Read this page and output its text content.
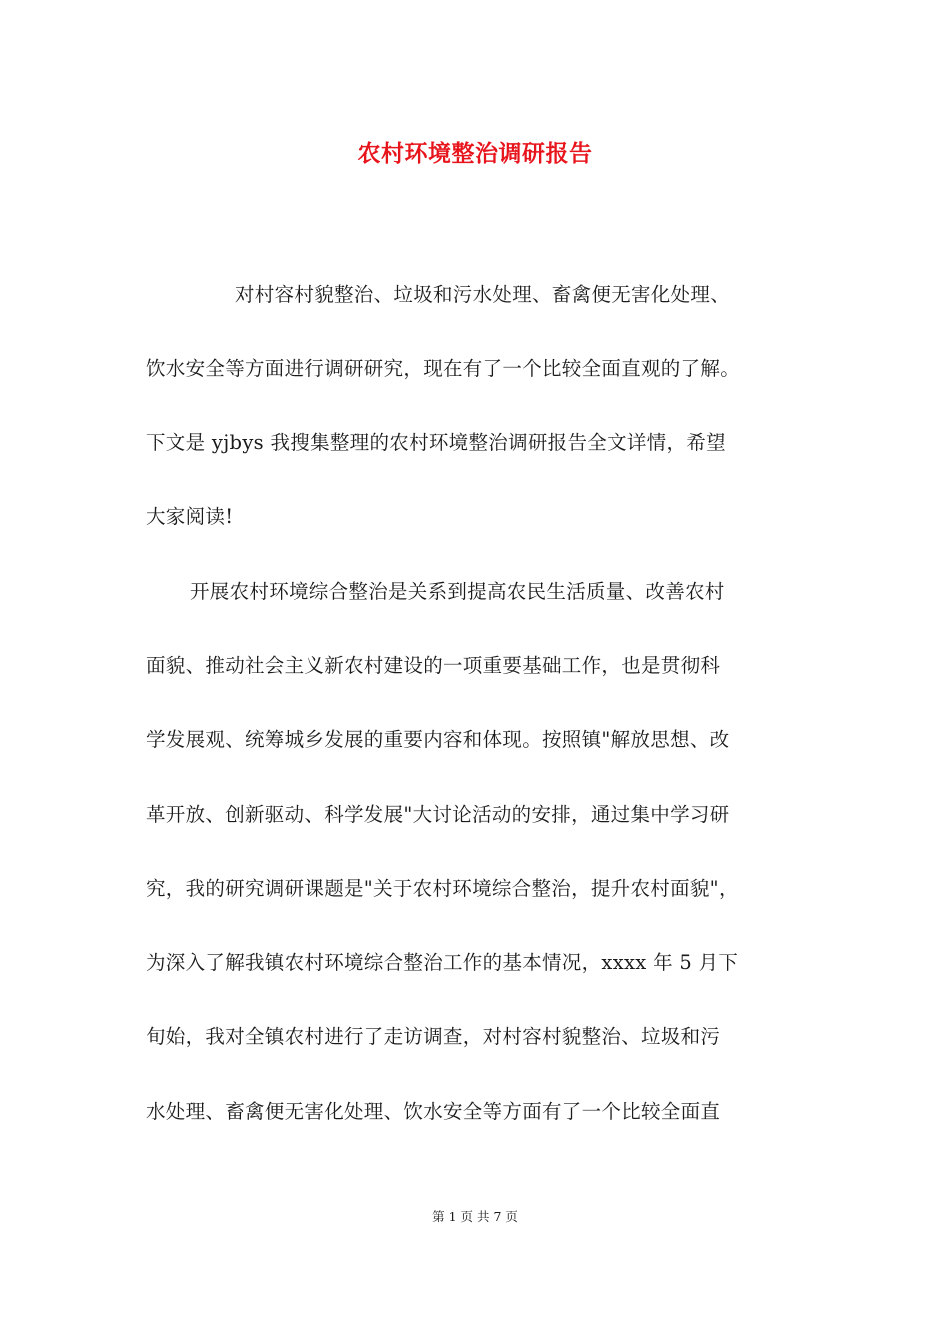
农村环境整治调研报告
对村容村貌整治、垃圾和污水处理、畜禽便无害化处理、
饮水安全等方面进行调研研究，现在有了一个比较全面直观的了解。
下文是 yjbys 我搜集整理的农村环境整治调研报告全文详情，希望
大家阅读!
开展农村环境综合整治是关系到提高农民生活质量、改善农村
面貌、推动社会主义新农村建设的一项重要基础工作，也是贯彻科
学发展观、统筹城乡发展的重要内容和体现。按照镇"解放思想、改
革开放、创新驱动、科学发展"大讨论活动的安排，通过集中学习研
究，我的研究调研课题是"关于农村环境综合整治，提升农村面貌"，
为深入了解我镇农村环境综合整治工作的基本情况，xxxx 年 5 月下
旬始，我对全镇农村进行了走访调查，对村容村貌整治、垃圾和污
水处理、畜禽便无害化处理、饮水安全等方面有了一个比较全面直
第 1 页 共 7 页
